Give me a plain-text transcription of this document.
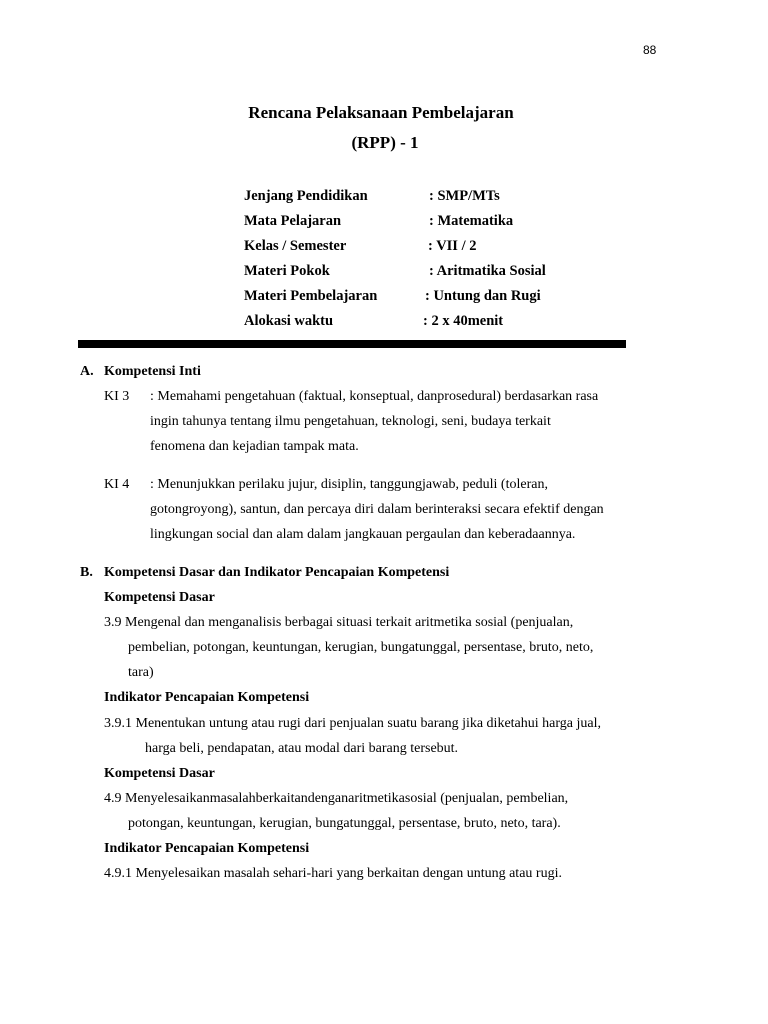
88
Rencana Pelaksanaan Pembelajaran
(RPP) - 1
Jenjang Pendidikan	: SMP/MTs
Mata Pelajaran	: Matematika
Kelas / Semester	: VII / 2
Materi Pokok	: Aritmatika Sosial
Materi Pembelajaran	: Untung dan Rugi
Alokasi waktu	: 2 x 40menit
A. Kompetensi Inti
KI 3 : Memahami pengetahuan (faktual, konseptual, danprosedural) berdasarkan rasa
ingin tahunya tentang ilmu pengetahuan, teknologi, seni, budaya terkait
fenomena dan kejadian tampak mata.
KI 4 : Menunjukkan perilaku jujur, disiplin, tanggungjawab, peduli (toleran,
gotongroyong), santun, dan percaya diri dalam berinteraksi secara efektif dengan
lingkungan social dan alam dalam jangkauan pergaulan dan keberadaannya.
B. Kompetensi Dasar dan Indikator Pencapaian Kompetensi
Kompetensi Dasar
3.9 Mengenal dan menganalisis berbagai situasi terkait aritmetika sosial (penjualan,
pembelian, potongan, keuntungan, kerugian, bungatunggal, persentase, bruto, neto,
tara)
Indikator Pencapaian Kompetensi
3.9.1 Menentukan untung atau rugi dari penjualan suatu barang jika diketahui harga jual,
harga beli, pendapatan, atau modal dari barang tersebut.
Kompetensi Dasar
4.9 Menyelesaikanmasalahberkaitandenganaritmetikasosial (penjualan, pembelian,
potongan, keuntungan, kerugian, bungatunggal, persentase, bruto, neto, tara).
Indikator Pencapaian Kompetensi
4.9.1 Menyelesaikan masalah sehari-hari yang berkaitan dengan untung atau rugi.
